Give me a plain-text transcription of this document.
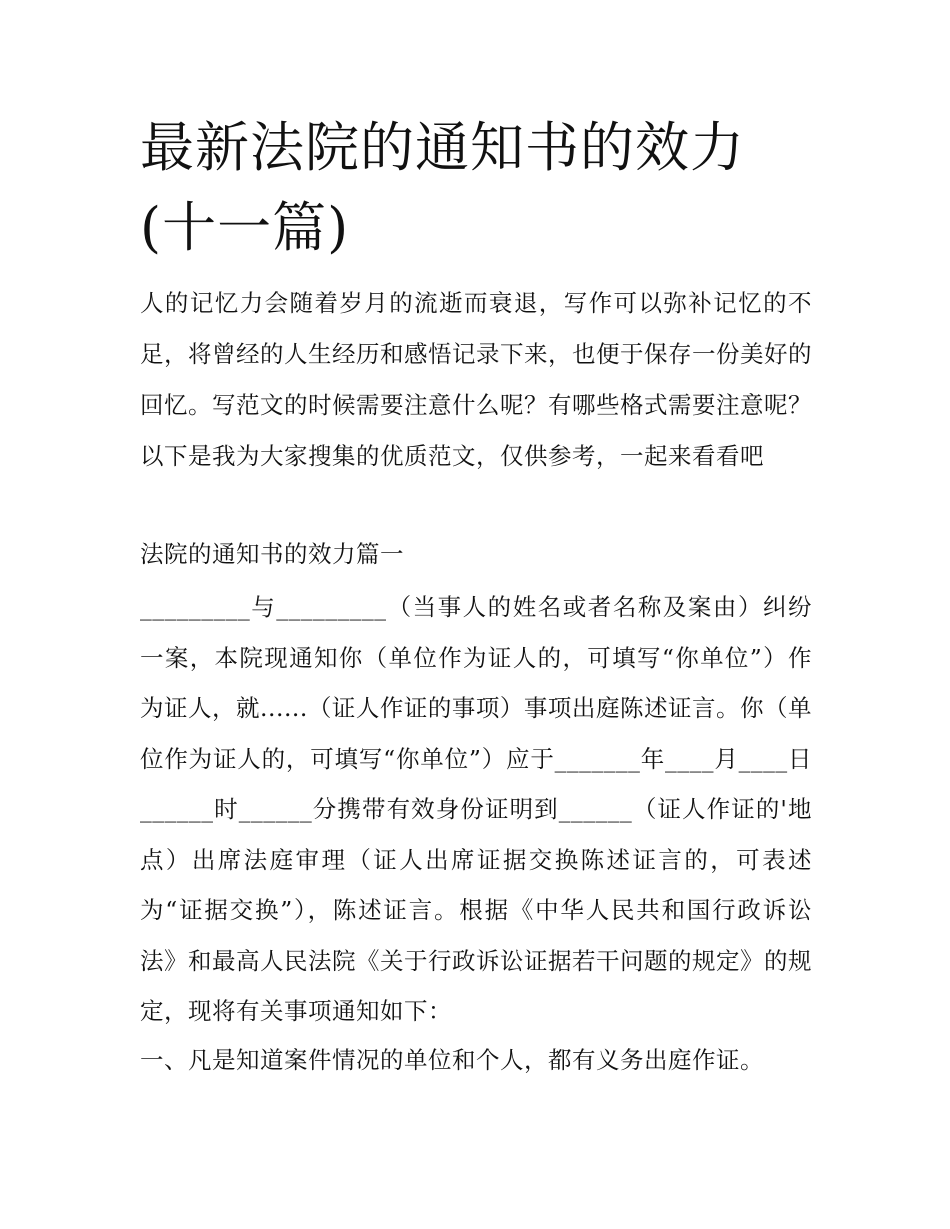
最新法院的通知书的效力(十一篇)

人的记忆力会随着岁月的流逝而衰退，写作可以弥补记忆的不足，将曾经的人生经历和感悟记录下来，也便于保存一份美好的回忆。写范文的时候需要注意什么呢？有哪些格式需要注意呢？以下是我为大家搜集的优质范文，仅供参考，一起来看看吧

法院的通知书的效力篇一

_________与_________（当事人的姓名或者名称及案由）纠纷一案，本院现通知你（单位作为证人的，可填写“你单位”）作为证人，就......（证人作证的事项）事项出庭陈述证言。你（单位作为证人的，可填写“你单位”）应于_______年____月____日______时______分携带有效身份证明到______（证人作证的'地点）出席法庭审理（证人出席证据交换陈述证言的，可表述为“证据交换”），陈述证言。根据《中华人民共和国行政诉讼法》和最高人民法院《关于行政诉讼证据若干问题的规定》的规定，现将有关事项通知如下：

一、凡是知道案件情况的单位和个人，都有义务出庭作证。
